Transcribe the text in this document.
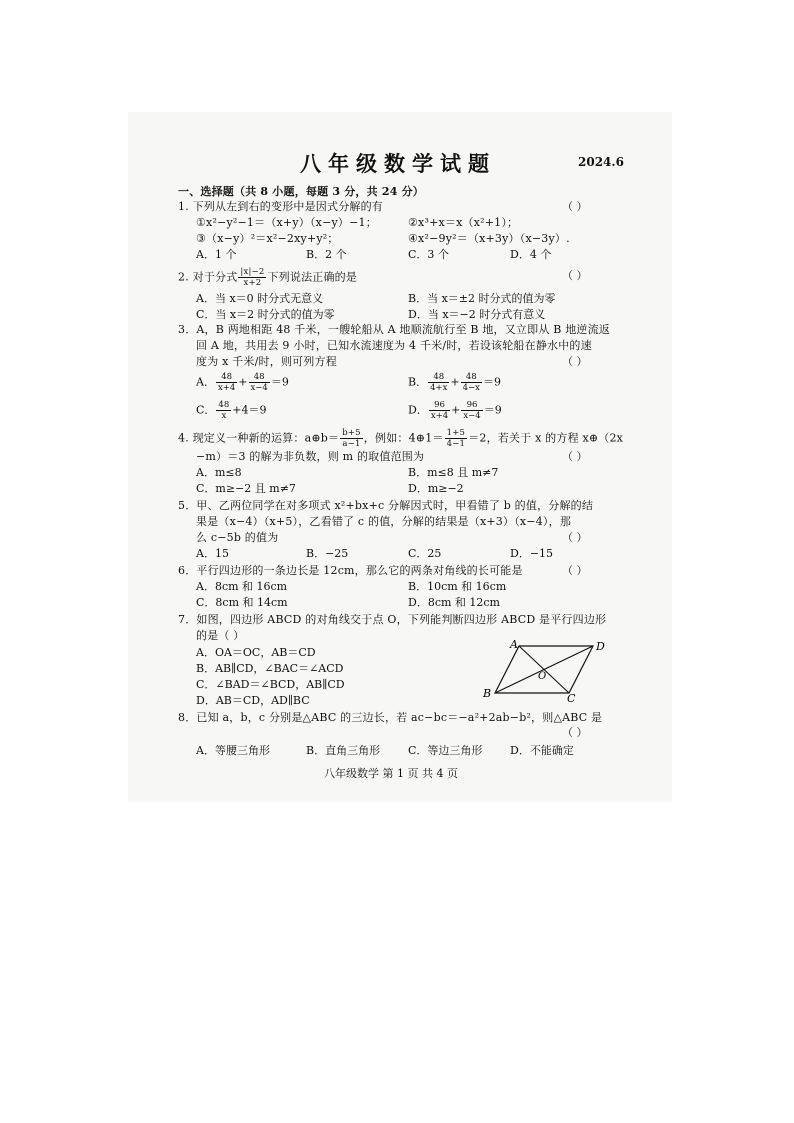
八年级数学试题	2024.6
一、选择题（共 8 小题，每题 3 分，共 24 分）
1. 下列从左到右的变形中是因式分解的有	（ ）
①x²−y²−1＝（x+y）（x−y）−1；	②x³+x＝x（x²+1）；
③（x−y）²＝x²−2xy+y²；	④x²−9y²＝（x+3y）（x−3y）.
A．1 个	B．2 个	C．3 个	D．4 个
2. 对于分式 $\frac{|x|-2}{x+2}$ 下列说法正确的是	（ ）
A．当 x＝0 时分式无意义	B．当 x＝±2 时分式的值为零
C．当 x＝2 时分式的值为零	D．当 x＝−2 时分式有意义
3．A，B 两地相距 48 千米，一艘轮船从 A 地顺流航行至 B 地，又立即从 B 地逆流返
回 A 地，共用去 9 小时，已知水流速度为 4 千米/时，若设该轮船在静水中的速
度为 x 千米/时，则可列方程	（ ）
A． $\frac{48}{x+4} + \frac{48}{x-4} =9$	B． $\frac{48}{4+x} + \frac{48}{4-x} =9$
C． $\frac{48}{x} +4=9$	D． $\frac{96}{x+4} + \frac{96}{x-4} =9$
4. 现定义一种新的运算：a⊕b＝ $\frac{b+5}{a-1}$ ，例如：4⊕1＝ $\frac{1+5}{4-1} =2$，若关于 x 的方程 x⊕（2x
−m）＝3 的解为非负数，则 m 的取值范围为	（ ）
A．m≤8	B．m≤8 且 m≠7
C．m≥−2 且 m≠7	D．m≥−2
5．甲、乙两位同学在对多项式 x²+bx+c 分解因式时，甲看错了 b 的值，分解的结
果是（x−4）（x+5），乙看错了 c 的值，分解的结果是（x+3）（x−4），那
么 c−5b 的值为	（ ）
A．15	B．−25	C．25	D．−15
6．平行四边形的一条边长是 12cm，那么它的两条对角线的长可能是	（ ）
A．8cm 和 16cm	B．10cm 和 16cm
C．8cm 和 14cm	D．8cm 和 12cm
7．如图，四边形 ABCD 的对角线交于点 O，下列能判断四边形 ABCD 是平行四边形
的是（ ）
A．OA＝OC，AB＝CD
B．AB∥CD，∠BAC＝∠ACD
C．∠BAD＝∠BCD，AB∥CD
D．AB＝CD，AD∥BC
A	D
O
B	C
8．已知 a，b，c 分别是△ABC 的三边长，若 ac−bc＝−a²+2ab−b²，则△ABC 是
（ ）
A．等腰三角形	B．直角三角形	C．等边三角形	D．不能确定
八年级数学 第 1 页 共 4 页
